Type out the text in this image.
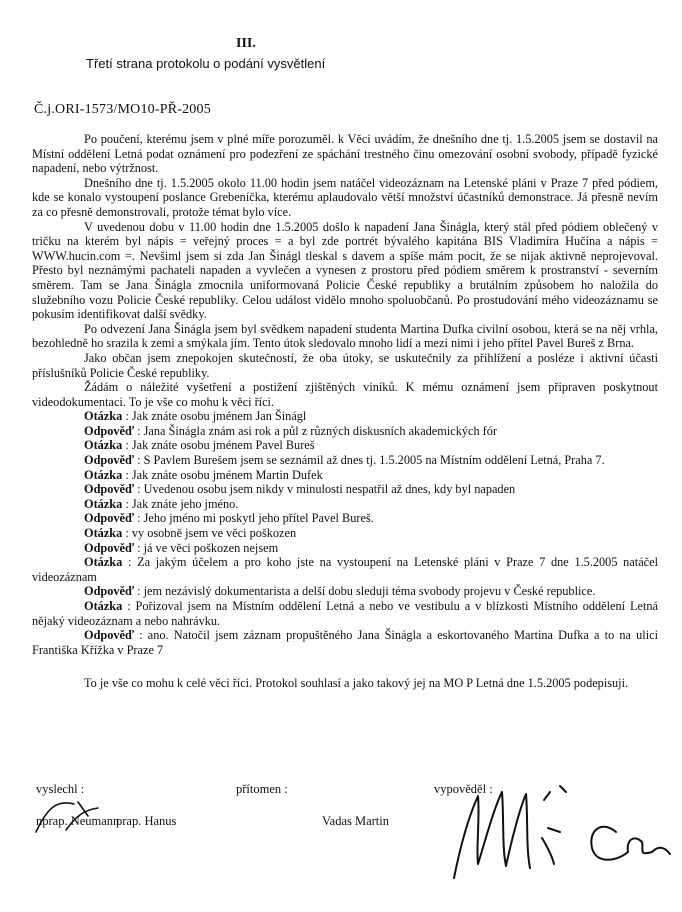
III.
Třetí strana protokolu o podání vysvětlení
Č.j.ORI-1573/MO10-PŘ-2005

Po poučení, kterému jsem v plné míře porozuměl. k Věci uvádím, že dnešního dne tj. 1.5.2005 jsem se dostavil na Místní oddělení Letná podat oznámení pro podezření ze spáchání trestného činu omezování osobní svobody, případě fyzické napadení, nebo výtržnost.

Dnešního dne tj. 1.5.2005 okolo 11.00 hodin jsem natáčel videozáznam na Letenské pláni v Praze 7 před pódiem, kde se konalo vystoupení poslance Grebeníčka, kterému aplaudovalo větší množství účastníků demonstrace. Já přesně nevím za co přesně demonstrovali, protože témat bylo více.

V uvedenou dobu v 11.00 hodin dne 1.5.2005 došlo k napadení Jana Šinágla, který stál před pódiem oblečený v tričku na kterém byl nápis = veřejný proces = a byl zde portrét bývalého kapitána BIS Vladimíra Hučína a nápis = WWW.hucin.com =. Nevšiml jsem si zda Jan Šinágl tleskal s davem a spíše mám pocit, že se nijak aktivně neprojevoval. Přesto byl neznámými pachateli napaden a vyvlečen a vynesen z prostoru před pódiem směrem k prostranství - severním směrem. Tam se Jana Šinágla zmocnila uniformovaná Policie České republiky a brutálním způsobem ho naložila do služebního vozu Policie České republiky. Celou událost vidělo mnoho spoluobčanů. Po prostudování mého videozáznamu se pokusím identifikovat další svědky.

Po odvezení Jana Šinágla jsem byl svědkem napadení studenta Martina Dufka civilní osobou, která se na něj vrhla, bezohledně ho srazila k zemi a smýkala jím. Tento útok sledovalo mnoho lidí a mezi nimi i jeho přítel Pavel Bureš z Brna.

Jako občan jsem znepokojen skutečností, že oba útoky, se uskutečnily za přihlížení a posléze i aktivní účasti příslušníků Policie České republiky.

Žádám o náležité vyšetření a postižení zjištěných viníků. K mému oznámení jsem připraven poskytnout videodokumentaci. To je vše co mohu k věci říci.

Otázka : Jak znáte osobu jménem Jan Šinágl

Odpověď : Jana Šinágla znám asi rok a půl z různých diskusních akademických fór

Otázka : Jak znáte osobu jménem Pavel Bureš

Odpověď : S Pavlem Burešem jsem se seznámil až dnes tj. 1.5.2005 na Místním oddělení Letná, Praha 7.

Otázka : Jak znáte osobu jménem Martin Dufek

Odpověď : Uvedenou osobu jsem nikdy v minulosti nespatřil až dnes, kdy byl napaden

Otázka : Jak znáte jeho jméno.

Odpověď : Jeho jméno mi poskytl jeho přítel Pavel Bureš.

Otázka : vy osobně jsem ve věci poškozen

Odpověď : já ve věci poškozen nejsem

Otázka : Za jakým účelem a pro koho jste na vystoupení na Letenské pláni v Praze 7 dne 1.5.2005 natáčel videozáznam

Odpověď : jem nezávislý dokumentarista a delší dobu sleduji téma svobody projevu v České republice.

Otázka : Pořizoval jsem na Místním oddělení Letná a nebo ve vestibulu a v blízkosti Místního oddělení Letná nějaký videozáznam a nebo nahrávku.

Odpověď : ano. Natočil jsem záznam propuštěného Jana Šinágla a eskortovaného Martina Dufka a to na ulici Františka Křížka v Praze 7

To je vše co mohu k celé věci říci. Protokol souhlasí a jako takový jej na MO P Letná dne 1.5.2005 podepisuji.

vyslechl :	přítomen :	vypověděl :
nprap. Neumann
prap. Hanus	Vadas Martin
